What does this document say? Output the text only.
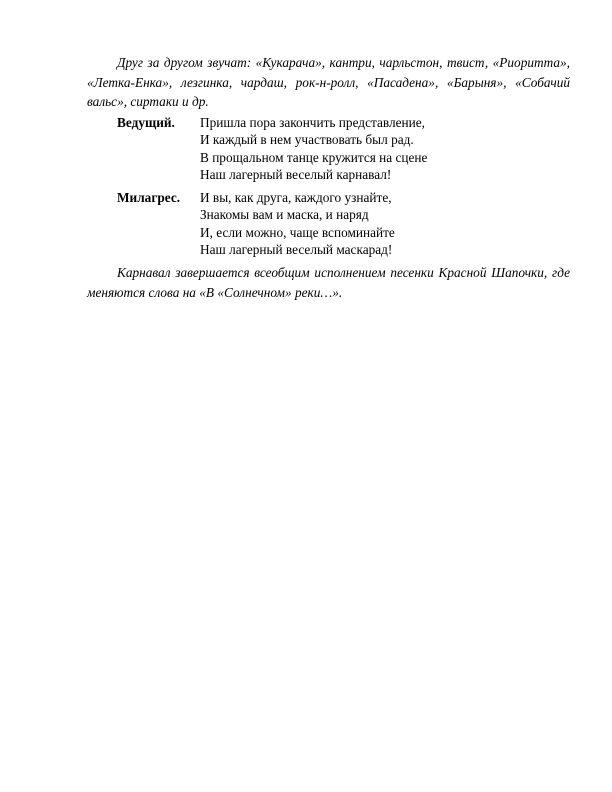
Друг за другом звучат: «Кукарача», кантри, чарльстон, твист, «Риоритта», «Летка-Енка», лезгинка, чардаш, рок-н-ролл, «Пасадена», «Барыня», «Собачий вальс», сиртаки и др.

Ведущий. Пришла пора закончить представление,
И каждый в нем участвовать был рад.
В прощальном танце кружится на сцене
Наш лагерный веселый карнавал!
Милагрес. И вы, как друга, каждого узнайте,
Знакомы вам и маска, и наряд
И, если можно, чаще вспоминайте
Наш лагерный веселый маскарад!

Карнавал завершается всеобщим исполнением песенки Красной Шапочки, где меняются слова на «В «Солнечном» реки…».
